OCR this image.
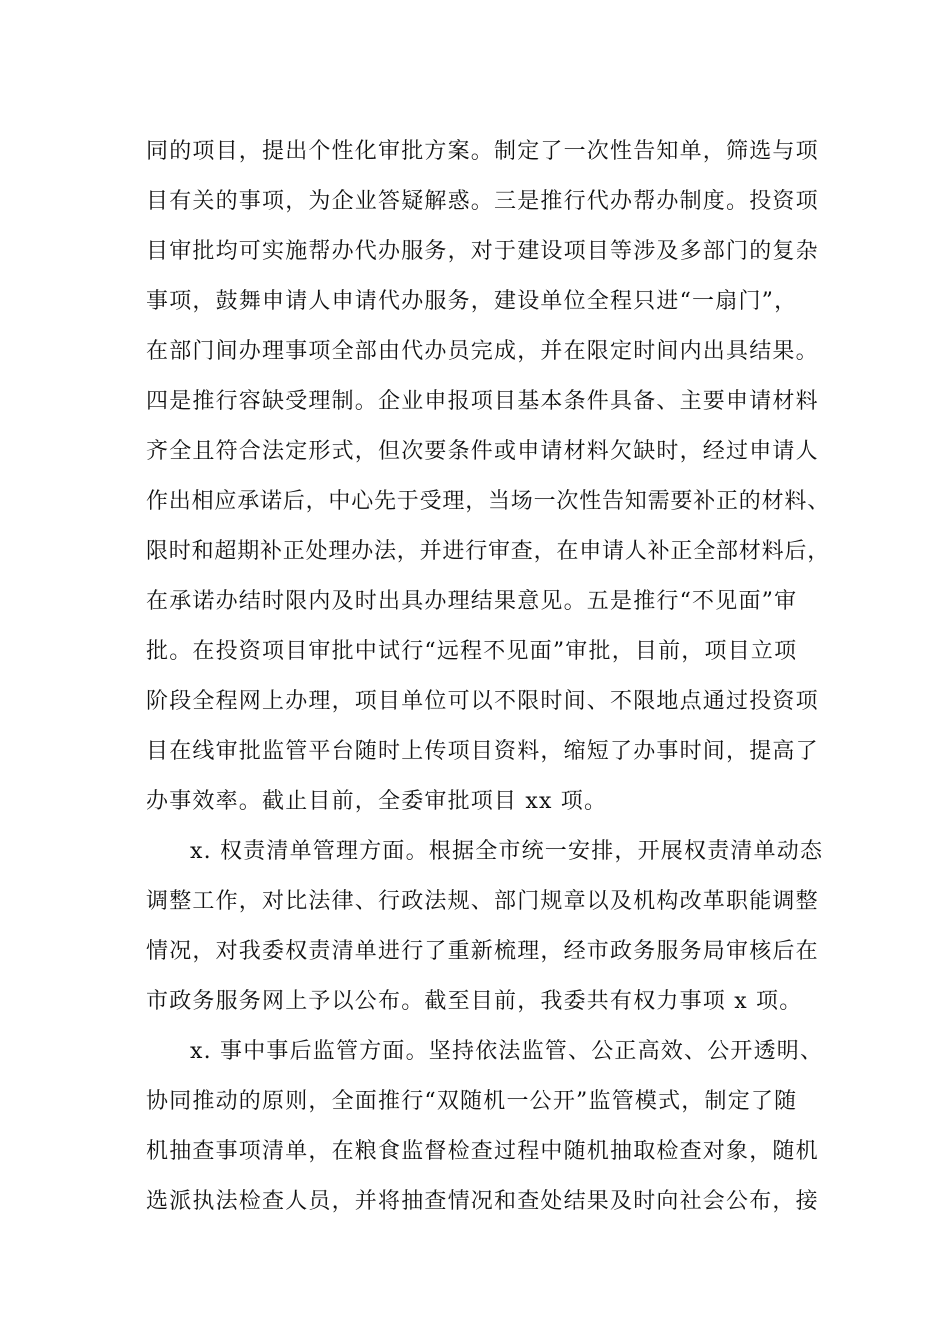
同的项目，提出个性化审批方案。制定了一次性告知单，筛选与项
目有关的事项，为企业答疑解惑。三是推行代办帮办制度。投资项
目审批均可实施帮办代办服务，对于建设项目等涉及多部门的复杂
事项，鼓舞申请人申请代办服务，建设单位全程只进“一扇门”，
在部门间办理事项全部由代办员完成，并在限定时间内出具结果。
四是推行容缺受理制。企业申报项目基本条件具备、主要申请材料
齐全且符合法定形式，但次要条件或申请材料欠缺时，经过申请人
作出相应承诺后，中心先于受理，当场一次性告知需要补正的材料、
限时和超期补正处理办法，并进行审查，在申请人补正全部材料后，
在承诺办结时限内及时出具办理结果意见。五是推行“不见面”审
批。在投资项目审批中试行“远程不见面”审批，目前，项目立项
阶段全程网上办理，项目单位可以不限时间、不限地点通过投资项
目在线审批监管平台随时上传项目资料，缩短了办事时间，提高了
办事效率。截止目前，全委审批项目 xx 项。
x. 权责清单管理方面。根据全市统一安排，开展权责清单动态
调整工作，对比法律、行政法规、部门规章以及机构改革职能调整
情况，对我委权责清单进行了重新梳理，经市政务服务局审核后在
市政务服务网上予以公布。截至目前，我委共有权力事项 x 项。
x. 事中事后监管方面。坚持依法监管、公正高效、公开透明、
协同推动的原则，全面推行“双随机一公开”监管模式，制定了随
机抽查事项清单，在粮食监督检查过程中随机抽取检查对象，随机
选派执法检查人员，并将抽查情况和查处结果及时向社会公布，接
